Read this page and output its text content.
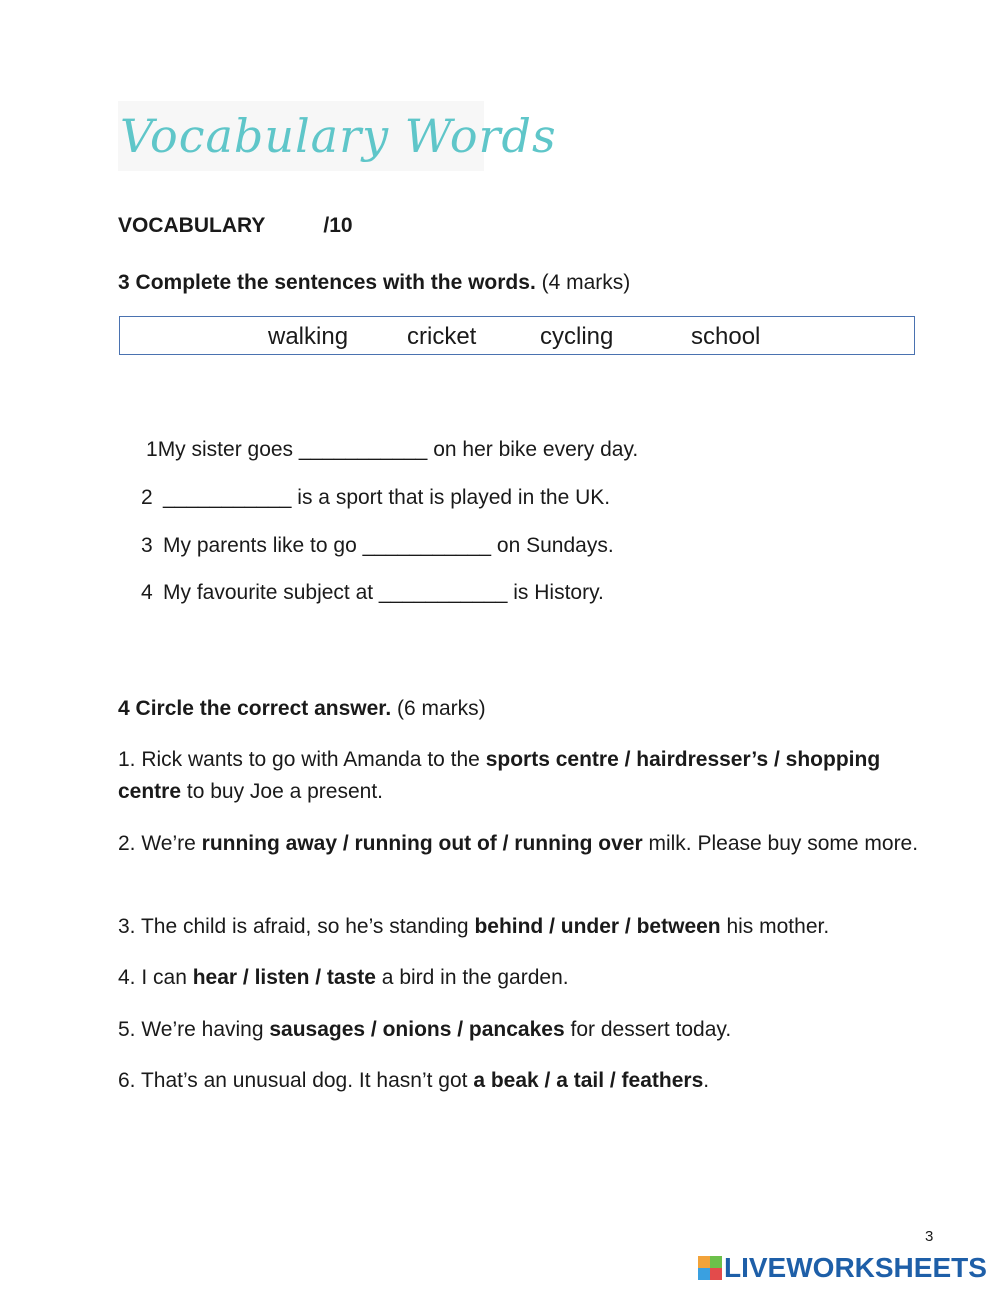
Vocabulary Words
VOCABULARY	/10
3 Complete the sentences with the words. (4 marks)
walking cricket	cycling	school
1My sister goes ___________ on her bike every day.
2 ___________ is a sport that is played in the UK.
3 My parents like to go ___________ on Sundays.
4 My favourite subject at ___________ is History.
4 Circle the correct answer. (6 marks)
1. Rick wants to go with Amanda to the sports centre / hairdresser’s / shopping centre to buy Joe a present.
2. We’re running away / running out of / running over milk. Please buy some more.
3. The child is afraid, so he’s standing behind / under / between his mother.
4. I can hear / listen / taste a bird in the garden.
5. We’re having sausages / onions / pancakes for dessert today.
6. That’s an unusual dog. It hasn’t got a beak / a tail / feathers.
3
LIVEWORKSHEETS
